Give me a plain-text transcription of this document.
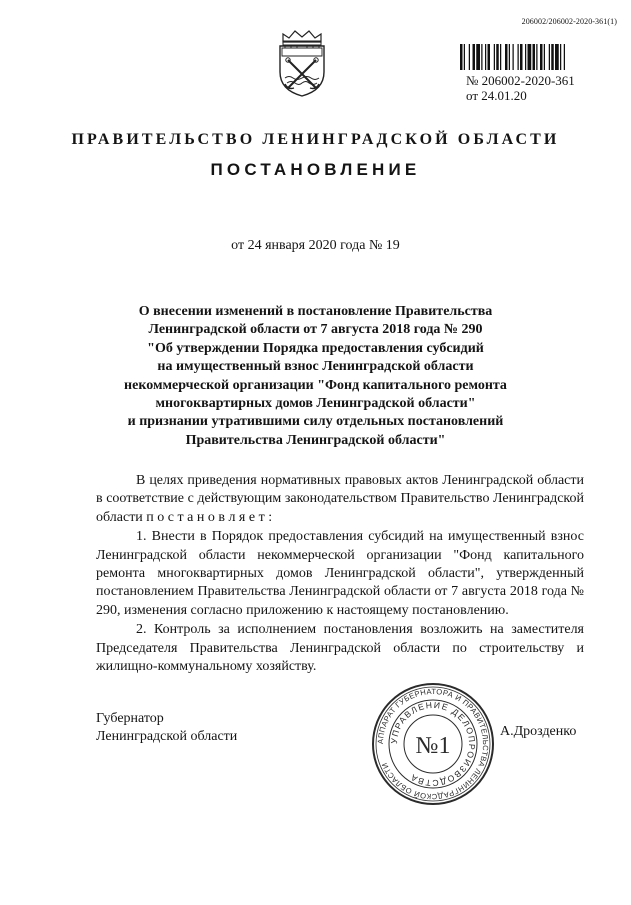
206002/206002-2020-361(1)
№ 206002-2020-361
от 24.01.20
ПРАВИТЕЛЬСТВО ЛЕНИНГРАДСКОЙ ОБЛАСТИ
ПОСТАНОВЛЕНИЕ
от 24 января 2020 года № 19
О внесении изменений в постановление Правительства
Ленинградской области от 7 августа 2018 года № 290
"Об утверждении Порядка предоставления субсидий
на имущественный взнос Ленинградской области
некоммерческой организации "Фонд капитального ремонта
многоквартирных домов Ленинградской области"
и признании утратившими силу отдельных постановлений
Правительства Ленинградской области"

В целях приведения нормативных правовых актов Ленинградской области в соответствие с действующим законодательством Правительство Ленинградской области п о с т а н о в л я е т :

1. Внести в Порядок предоставления субсидий на имущественный взнос Ленинградской области некоммерческой организации "Фонд капитального ремонта многоквартирных домов Ленинградской области", утвержденный постановлением Правительства Ленинградской области от 7 августа 2018 года № 290, изменения согласно приложению к настоящему постановлению.

2. Контроль за исполнением постановления возложить на заместителя Председателя Правительства Ленинградской области по строительству и жилищно-коммунальному хозяйству.

Губернатор
Ленинградской области	АППАРАТ ГУБЕРНАТОРА И ПРАВИТЕЛЬСТВА ЛЕНИНГРАДСКОЙ ОБЛАСТИ
УПРАВЛЕНИЕ ДЕЛОПРОИЗВОДСТВА
№1
А.Дрозденко
